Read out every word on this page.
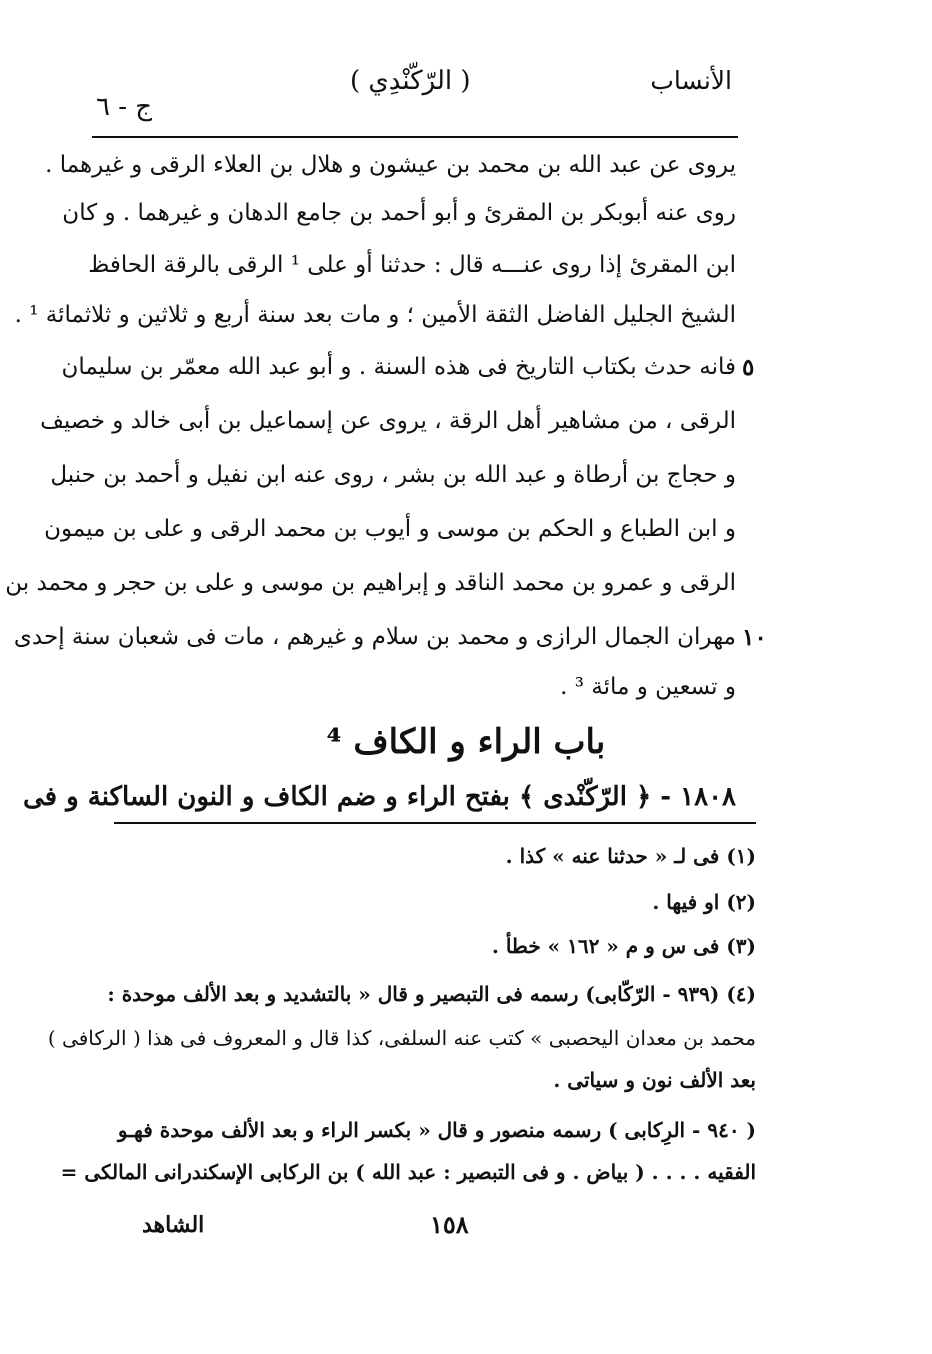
الأنساب
( الرّكّنْدِي )
ج - ٦
يروى عن عبد الله بن محمد بن عيشون و هلال بن العلاء الرقى و غيرهما .
روى عنه أبوبكر بن المقرئ و أبو أحمد بن جامع الدهان و غيرهما . و كان
ابن المقرئ إذا روى عنـــه قال : حدثنا أو على ¹ الرقى بالرقة الحافظ
الشيخ الجليل الفاضل الثقة الأمين ؛ و مات بعد سنة أربع و ثلاثين و ثلاثمائة ¹ .
٥
فانه حدث بكتاب التاريخ فى هذه السنة . و أبو عبد الله معمّر بن سليمان
الرقى ، من مشاهير أهل الرقة ، يروى عن إسماعيل بن أبى خالد و خصيف
و حجاج بن أرطاة و عبد الله بن بشر ، روى عنه ابن نفيل و أحمد بن حنبل
و ابن الطباع و الحكم بن موسى و أيوب بن محمد الرقى و على بن ميمون
الرقى و عمرو بن محمد الناقد و إبراهيم بن موسى و على بن حجر و محمد بن
١٠
مهران الجمال الرازى و محمد بن سلام و غيرهم ، مات فى شعبان سنة إحدى
و تسعين و مائة ³ .
باب الراء و الكاف ⁴
١٨٠٨ - ﴿ الرّكّنْدى ﴾ بفتح الراء و ضم الكاف و النون الساكنة و فى
(١) فى لـ « حدثنا عنه » كذا .
(٢) او فيها .
(٣) فى س و م « ١٦٢ » خطأ .
(٤) (٩٣٩ - الرّكّابى) رسمه فى التبصير و قال « بالتشديد و بعد الألف موحدة :
محمد بن معدان اليحصبى » كتب عنه السلفى، كذا قال و المعروف فى هذا ( الركافى )
بعد الألف نون و سياتى .
( ٩٤٠ - الرِكابى ) رسمه منصور و قال « بكسر الراء و بعد الألف موحدة فهـو
الفقيه . . . . ( بياض . و فى التبصير : عبد الله ) بن الركابى الإسكندرانى المالكى =
١٥٨
الشاهد
